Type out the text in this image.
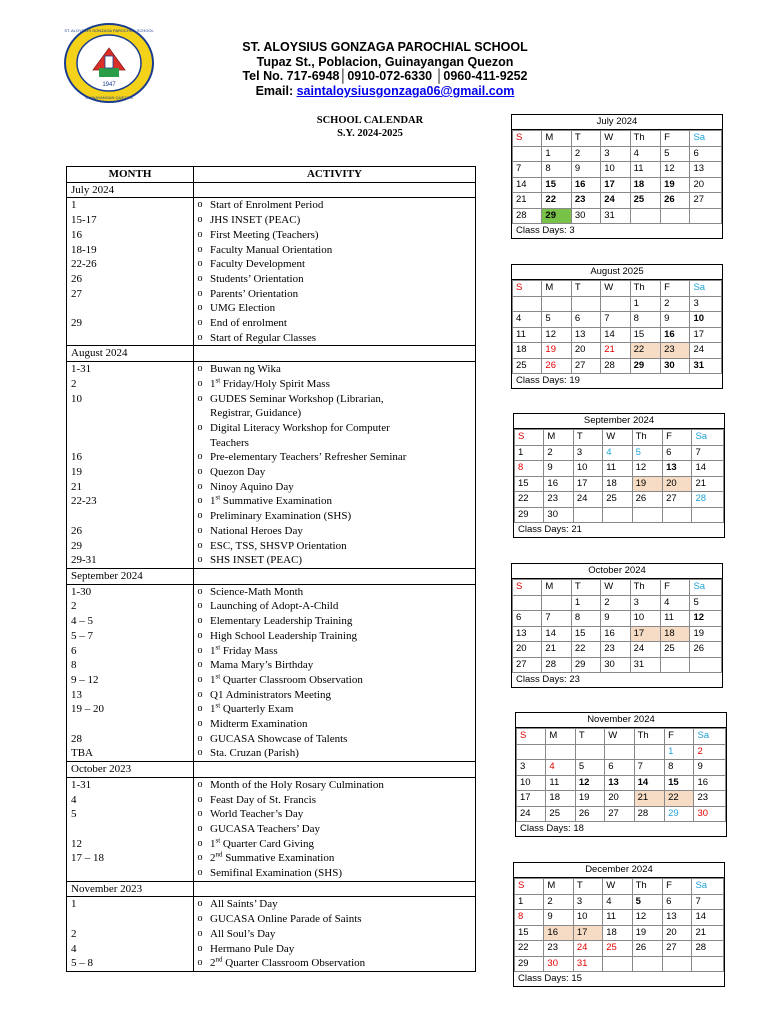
1947
ST. ALOYSIUS GONZAGA PAROCHIAL SCHOOL
GUINAYANGAN QUEZON
ST. ALOYSIUS GONZAGA PAROCHIAL SCHOOL
Tupaz St., Poblacion, Guinayangan Quezon
Tel No. 717-6948│0910-072-6330 │0960-411-9252
Email: saintaloysiusgonzaga06@gmail.com
SCHOOL CALENDAR
S.Y. 2024-2025
MONTH	ACTIVITY	
July 2024		
1	o	Start of Enrolment Period
15-17	o	JHS INSET (PEAC)
16	o	First Meeting (Teachers)
18-19	o	Faculty Manual Orientation
22-26	o	Faculty Development
26	o	Students’ Orientation
27	o	Parents’ Orientation
	o	UMG Election
29	o	End of enrolment
	o	Start of Regular Classes
August 2024		
1-31	o	Buwan ng Wika
2	o	1st Friday/Holy Spirit Mass
10	o	GUDES Seminar Workshop (Librarian,
		Registrar, Guidance)
	o	Digital Literacy Workshop for Computer
		Teachers
16	o	Pre-elementary Teachers’ Refresher Seminar
19	o	Quezon Day
21	o	Ninoy Aquino Day
22-23	o	1st Summative Examination
	o	Preliminary Examination (SHS)
26	o	National Heroes Day
29	o	ESC, TSS, SHSVP Orientation
29-31	o	SHS INSET (PEAC)
September 2024		
1-30	o	Science-Math Month
2	o	Launching of Adopt-A-Child
4 – 5	o	Elementary Leadership Training
5 – 7	o	High School Leadership Training
6	o	1st Friday Mass
8	o	Mama Mary’s Birthday
9 – 12	o	1st Quarter Classroom Observation
13	o	Q1 Administrators Meeting
19 – 20	o	1st Quarterly Exam
	o	Midterm Examination
28	o	GUCASA Showcase of Talents
TBA	o	Sta. Cruzan (Parish)
October 2023		
1-31	o	Month of the Holy Rosary Culmination
4	o	Feast Day of St. Francis
5	o	World Teacher’s Day
	o	GUCASA Teachers’ Day
12	o	1st Quarter Card Giving
17 – 18	o	2nd Summative Examination
	o	Semifinal Examination (SHS)
November 2023		
1	o	All Saints’ Day
	o	GUCASA Online Parade of Saints
2	o	All Soul’s Day
4	o	Hermano Pule Day
5 – 8	o	2nd Quarter Classroom Observation
July 2024
S	M	T	W	Th	F	Sa
	1	2	3	4	5	6
7	8	9	10	11	12	13
14	15	16	17	18	19	20
21	22	23	24	25	26	27
28	29	30	31			
Class Days: 3
August 2025
S	M	T	W	Th	F	Sa
				1	2	3
4	5	6	7	8	9	10
11	12	13	14	15	16	17
18	19	20	21	22	23	24
25	26	27	28	29	30	31
Class Days: 19
September 2024
S	M	T	W	Th	F	Sa
1	2	3	4	5	6	7
8	9	10	11	12	13	14
15	16	17	18	19	20	21
22	23	24	25	26	27	28
29	30					
Class Days: 21
October 2024
S	M	T	W	Th	F	Sa
		1	2	3	4	5
6	7	8	9	10	11	12
13	14	15	16	17	18	19
20	21	22	23	24	25	26
27	28	29	30	31		
Class Days: 23
November 2024
S	M	T	W	Th	F	Sa
					1	2
3	4	5	6	7	8	9
10	11	12	13	14	15	16
17	18	19	20	21	22	23
24	25	26	27	28	29	30
Class Days: 18
December 2024
S	M	T	W	Th	F	Sa
1	2	3	4	5	6	7
8	9	10	11	12	13	14
15	16	17	18	19	20	21
22	23	24	25	26	27	28
29	30	31				
Class Days: 15
